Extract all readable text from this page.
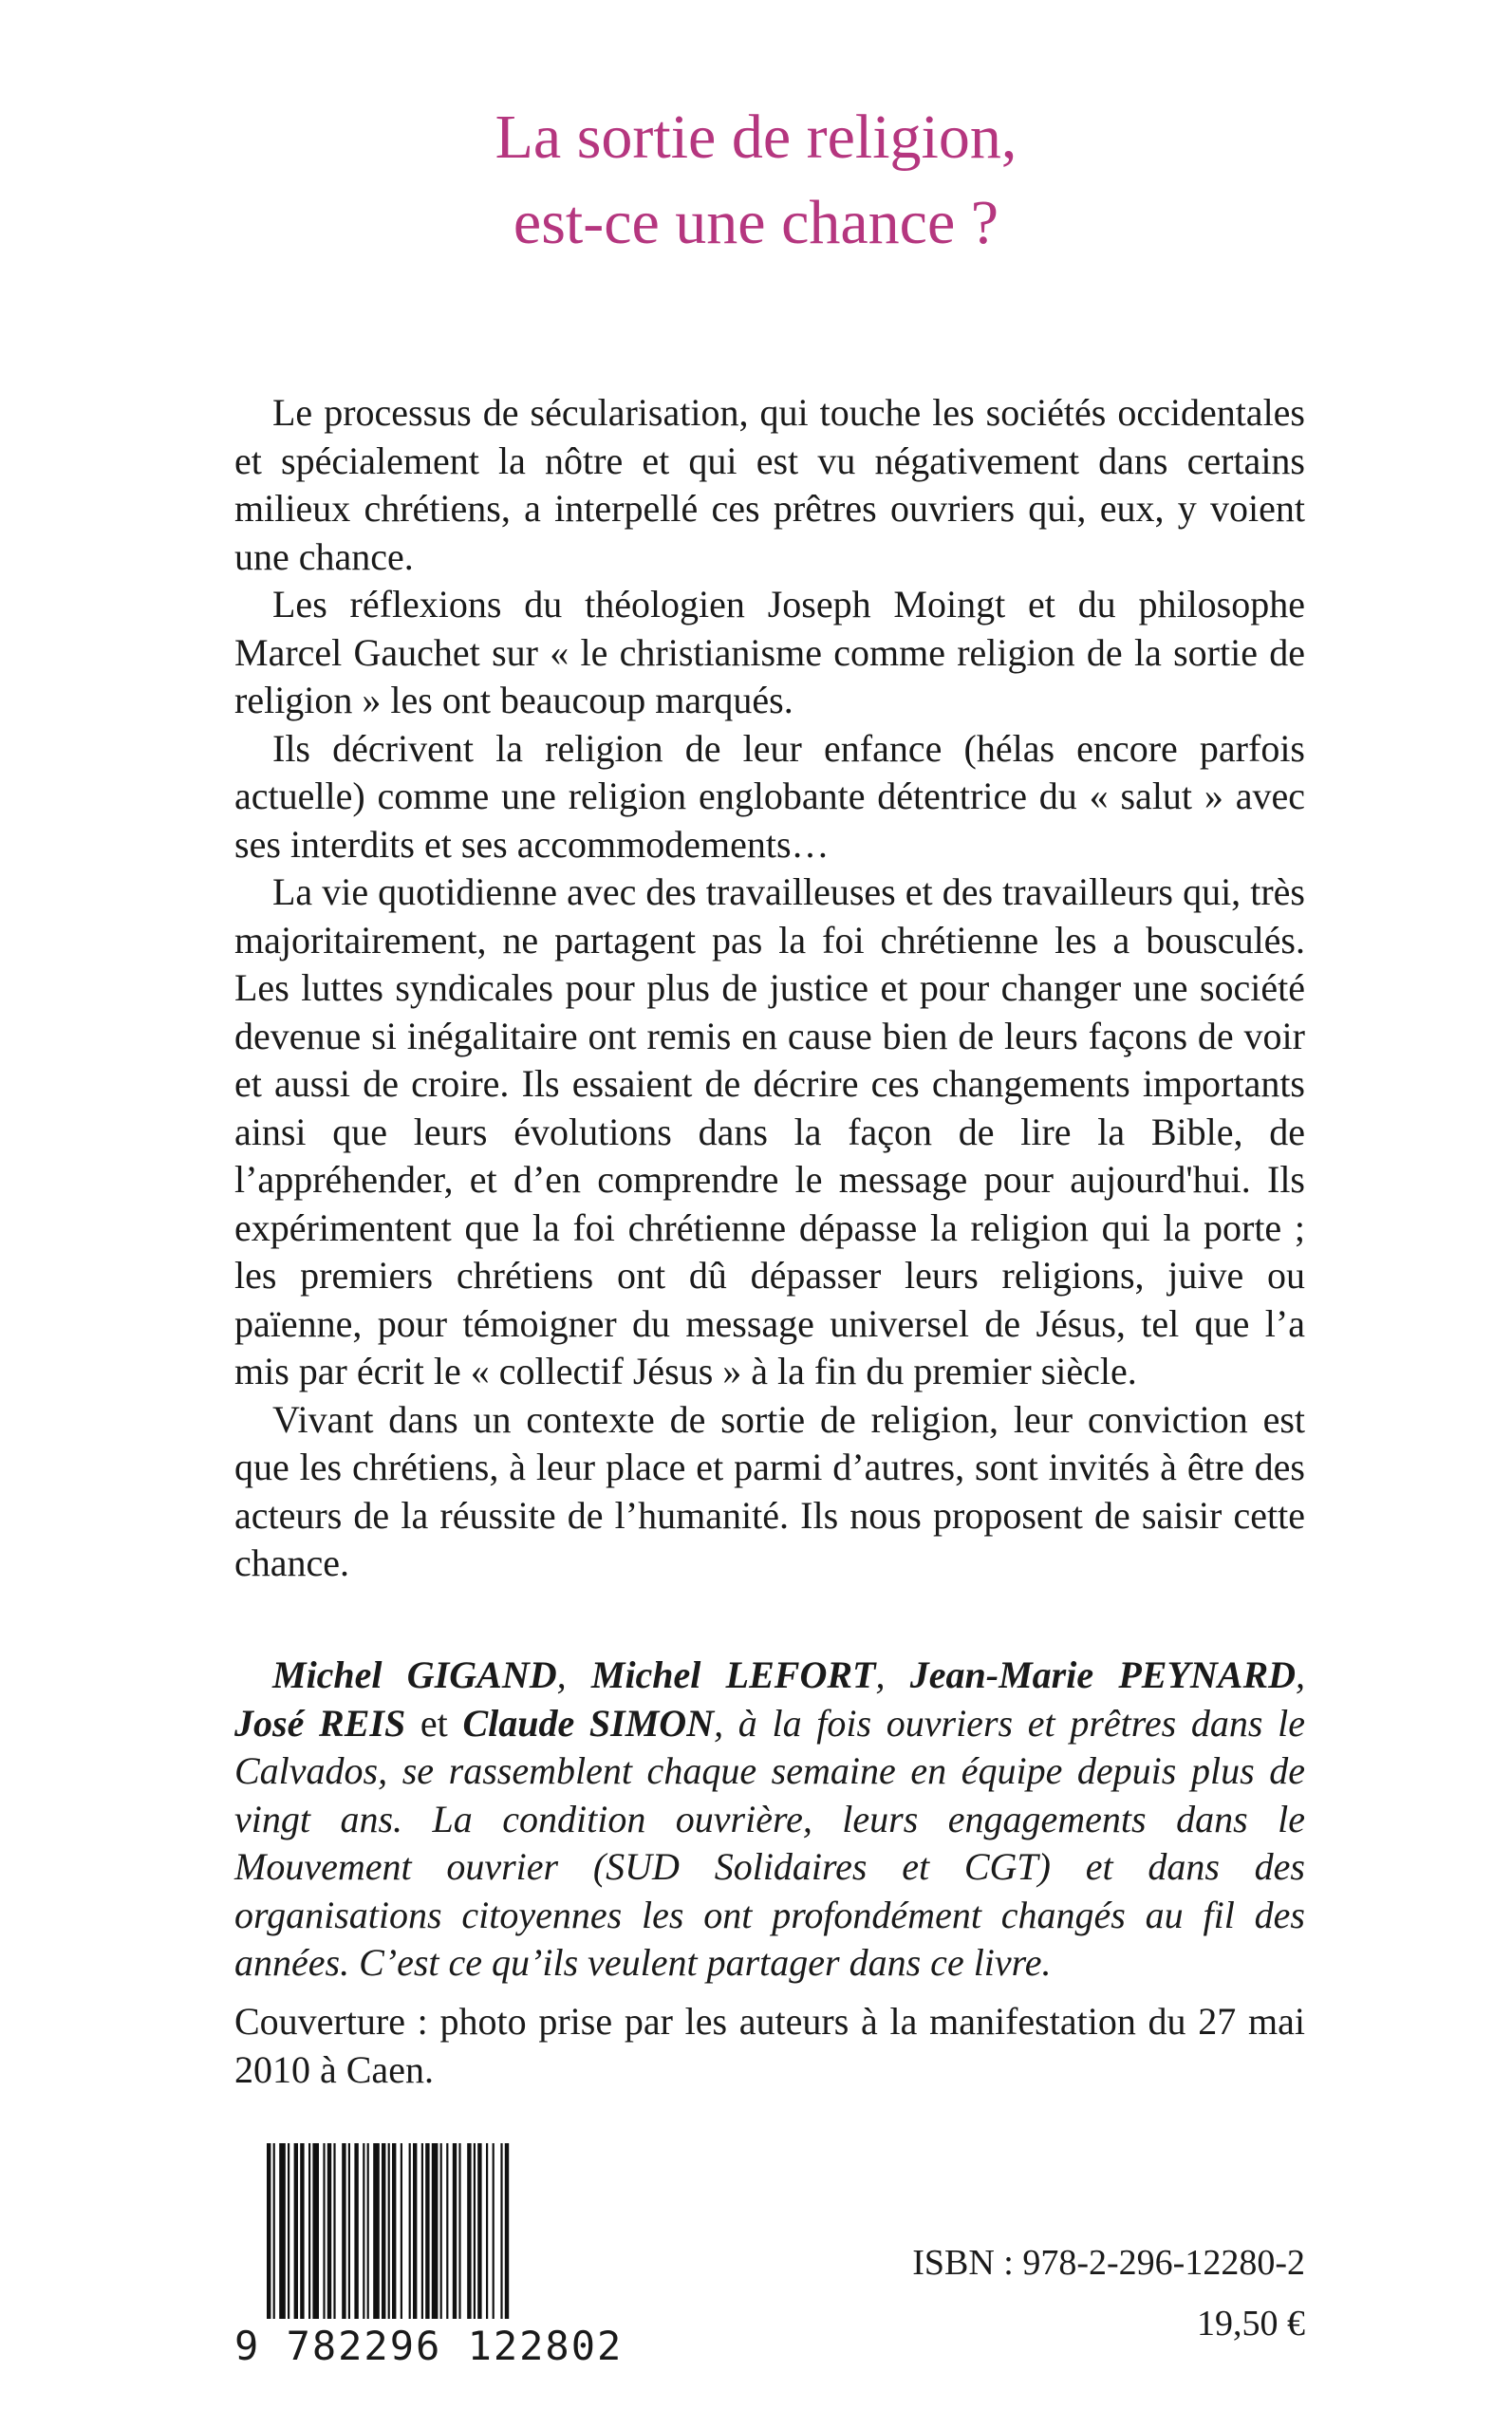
La sortie de religion,
est-ce une chance ?

Le processus de sécularisation, qui touche les sociétés occidentales et spécialement la nôtre et qui est vu négativement dans certains milieux chrétiens, a interpellé ces prêtres ouvriers qui, eux, y voient une chance.

Les réflexions du théologien Joseph Moingt et du philosophe Marcel Gauchet sur « le christianisme comme religion de la sortie de religion » les ont beaucoup marqués.

Ils décrivent la religion de leur enfance (hélas encore parfois actuelle) comme une religion englobante détentrice du « salut » avec ses interdits et ses accommodements…

La vie quotidienne avec des travailleuses et des travailleurs qui, très majoritairement, ne partagent pas la foi chrétienne les a bousculés. Les luttes syndicales pour plus de justice et pour changer une société devenue si inégalitaire ont remis en cause bien de leurs façons de voir et aussi de croire. Ils essaient de décrire ces changements importants ainsi que leurs évolutions dans la façon de lire la Bible, de l’appréhender, et d’en comprendre le message pour aujourd'hui. Ils expérimentent que la foi chrétienne dépasse la religion qui la porte ; les premiers chrétiens ont dû dépasser leurs religions, juive ou païenne, pour témoigner du message universel de Jésus, tel que l’a mis par écrit le « collectif Jésus » à la fin du premier siècle.

Vivant dans un contexte de sortie de religion, leur conviction est que les chrétiens, à leur place et parmi d’autres, sont invités à être des acteurs de la réussite de l’humanité. Ils nous proposent de saisir cette chance.

Michel GIGAND, Michel LEFORT, Jean-Marie PEYNARD, José REIS et Claude SIMON, à la fois ouvriers et prêtres dans le Calvados, se rassemblent chaque semaine en équipe depuis plus de vingt ans. La condition ouvrière, leurs engagements dans le Mouvement ouvrier (SUD Solidaires et CGT) et dans des organisations citoyennes les ont profondément changés au fil des années. C’est ce qu’ils veulent partager dans ce livre.

Couverture : photo prise par les auteurs à la manifestation du 27 mai 2010 à Caen.

9 782296 122802
ISBN : 978-2-296-12280-2
19,50 €
